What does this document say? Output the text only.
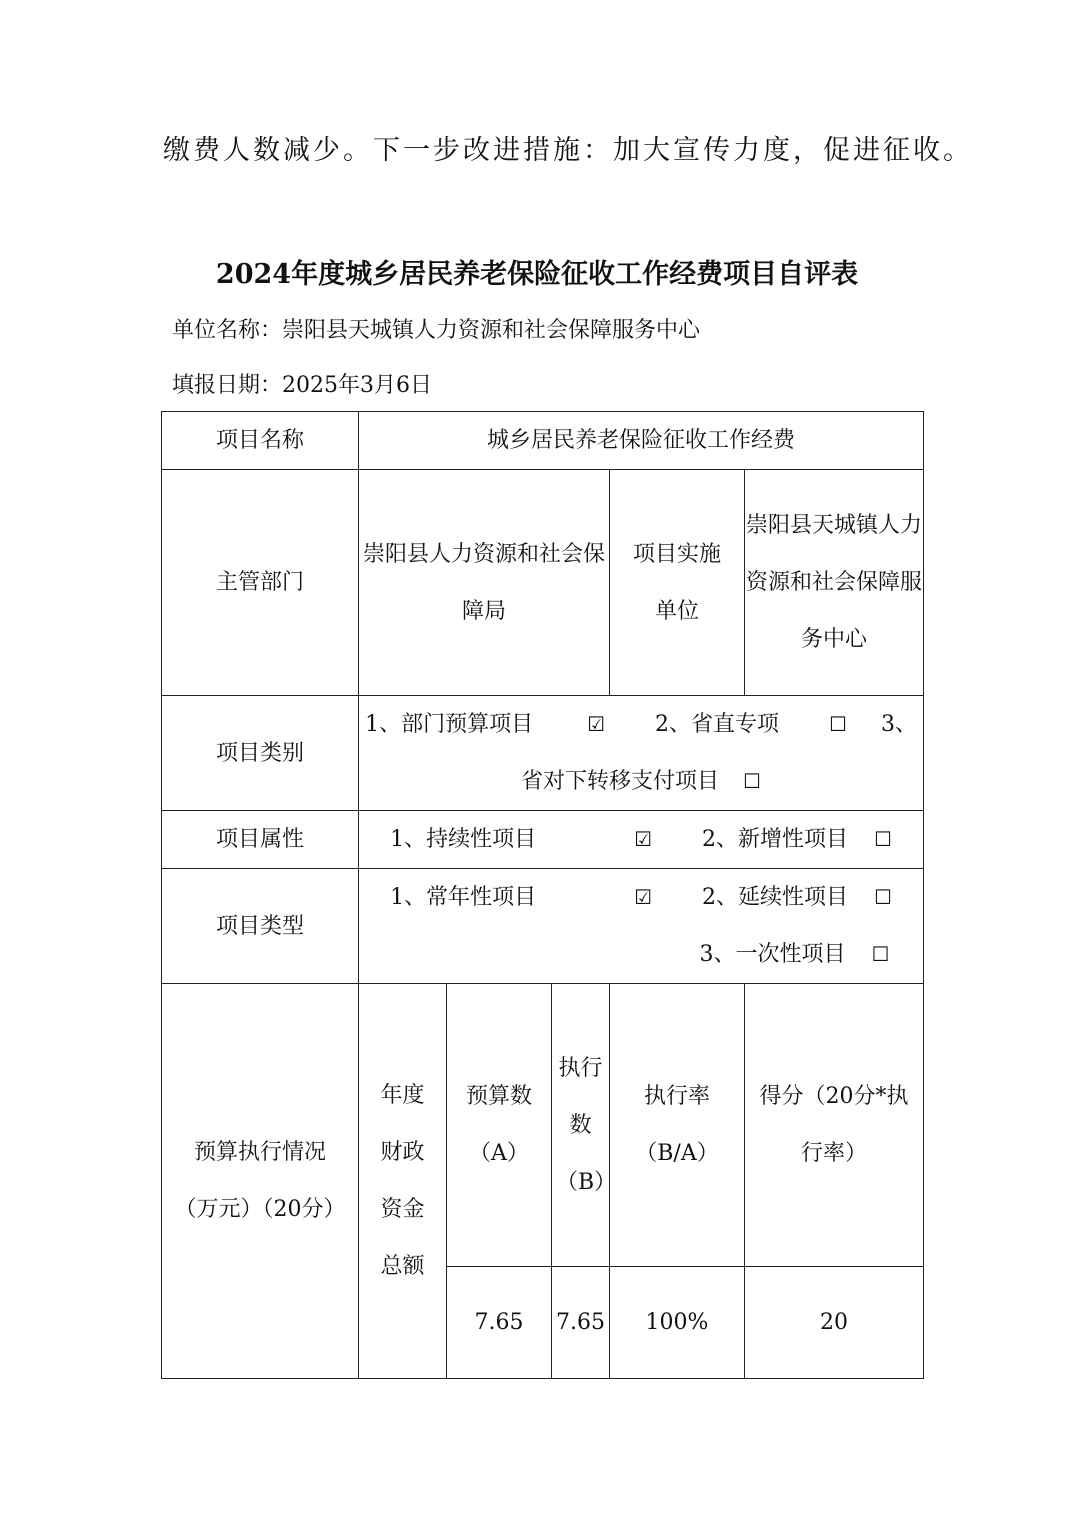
缴费人数减少。下一步改进措施：加大宣传力度，促进征收。
2024年度城乡居民养老保险征收工作经费项目自评表
单位名称：崇阳县天城镇人力资源和社会保障服务中心
填报日期：2025年3月6日
项目名称	城乡居民养老保险征收工作经费				
主管部门	崇阳县人力资源和社会保障局			项目实施单位	崇阳县天城镇人力资源和社会保障服务中心
项目类别	1、部门预算项目 ☑ 2、省直专项 ☐ 3、省对下转移支付项目 ☐				
项目属性	1、持续性项目 ☑ 2、新增性项目 ☐				
项目类型	1、常年性项目 ☑ 2、延续性项目 ☐  3、一次性项目 ☐				
预算执行情况（万元）（20分）	年度财政资金总额	预算数（A）	执行数（B）	执行率（B/A）	得分（20分*执行率）
		7.65	7.65	100%	20
